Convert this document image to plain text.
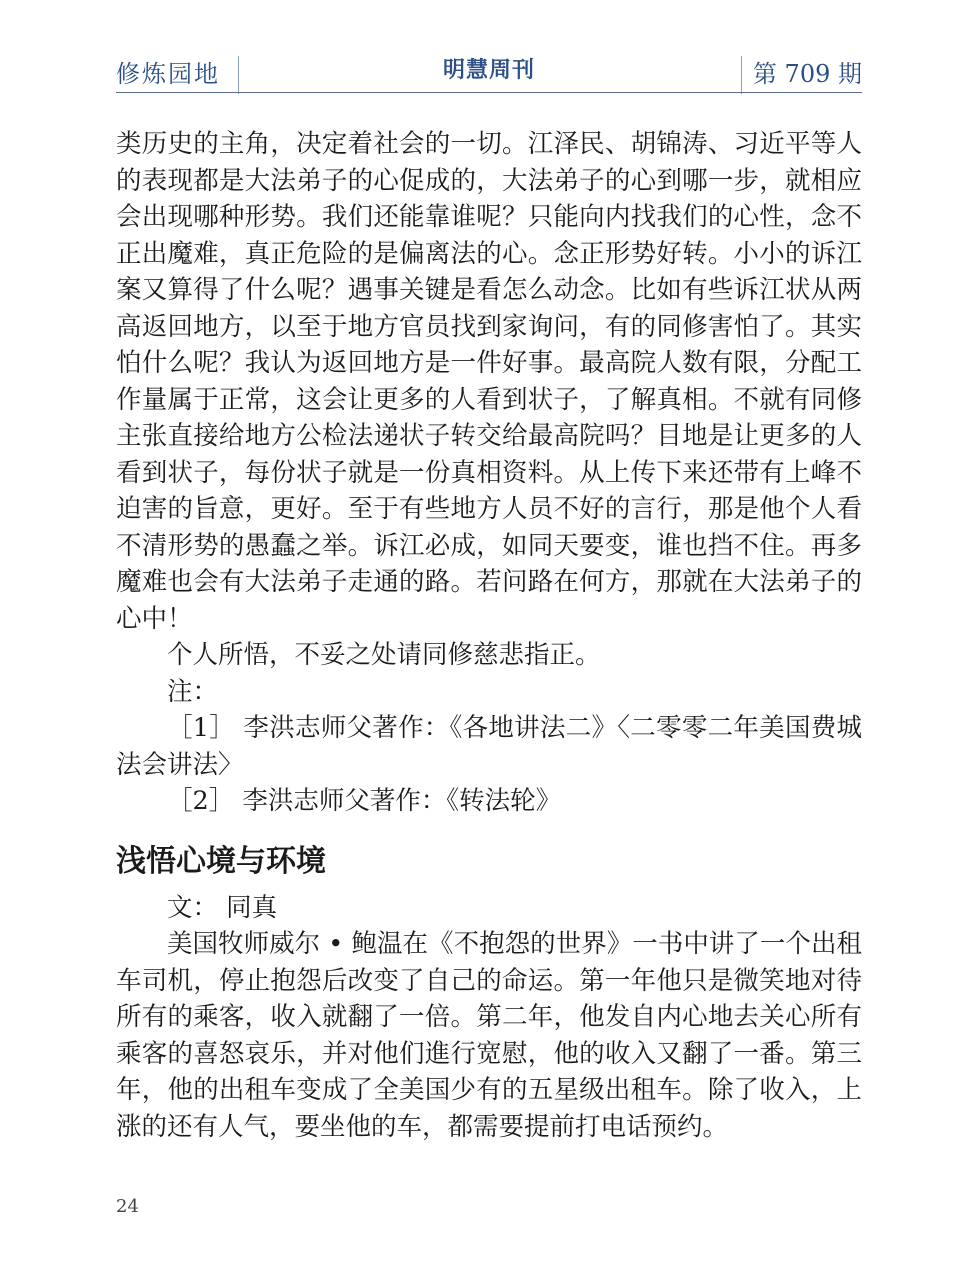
修炼园地	明慧周刊	第 709 期

类历史的主角，决定着社会的一切。江泽民、胡锦涛、习近平等人的表现都是大法弟子的心促成的，大法弟子的心到哪一步，就相应会出现哪种形势。我们还能靠谁呢？只能向内找我们的心性，念不正出魔难，真正危险的是偏离法的心。念正形势好转。小小的诉江案又算得了什么呢？遇事关键是看怎么动念。比如有些诉江状从两高返回地方，以至于地方官员找到家询问，有的同修害怕了。其实怕什么呢？我认为返回地方是一件好事。最高院人数有限，分配工作量属于正常，这会让更多的人看到状子，了解真相。不就有同修主张直接给地方公检法递状子转交给最高院吗？目地是让更多的人看到状子，每份状子就是一份真相资料。从上传下来还带有上峰不迫害的旨意，更好。至于有些地方人员不好的言行，那是他个人看不清形势的愚蠢之举。诉江必成，如同天要变，谁也挡不住。再多魔难也会有大法弟子走通的路。若问路在何方，那就在大法弟子的心中！

个人所悟，不妥之处请同修慈悲指正。

注：

［1］ 李洪志师父著作：《各地讲法二》〈二零零二年美国费城法会讲法〉

［2］ 李洪志师父著作：《转法轮》

浅悟心境与环境

文： 同真

美国牧师威尔 • 鲍温在《不抱怨的世界》一书中讲了一个出租车司机，停止抱怨后改变了自己的命运。第一年他只是微笑地对待所有的乘客，收入就翻了一倍。第二年，他发自内心地去关心所有乘客的喜怒哀乐，并对他们進行宽慰，他的收入又翻了一番。第三年，他的出租车变成了全美国少有的五星级出租车。除了收入，上涨的还有人气，要坐他的车，都需要提前打电话预约。

24
